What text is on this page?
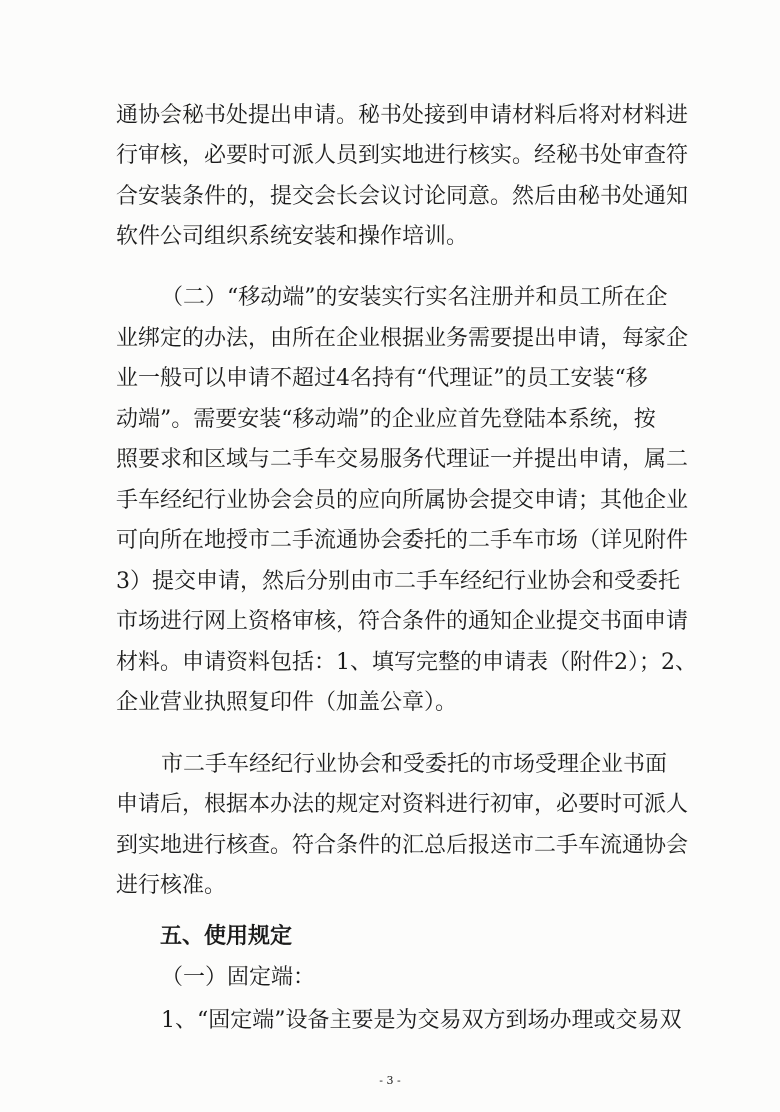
通协会秘书处提出申请。秘书处接到申请材料后将对材料进
行审核，必要时可派人员到实地进行核实。经秘书处审查符
合安装条件的，提交会长会议讨论同意。然后由秘书处通知
软件公司组织系统安装和操作培训。
（二）“移动端”的安装实行实名注册并和员工所在企
业绑定的办法，由所在企业根据业务需要提出申请，每家企
业一般可以申请不超过4名持有“代理证”的员工安装“移
动端”。需要安装“移动端”的企业应首先登陆本系统，按
照要求和区域与二手车交易服务代理证一并提出申请，属二
手车经纪行业协会会员的应向所属协会提交申请；其他企业
可向所在地授市二手流通协会委托的二手车市场（详见附件
3）提交申请，然后分别由市二手车经纪行业协会和受委托
市场进行网上资格审核，符合条件的通知企业提交书面申请
材料。申请资料包括：1、填写完整的申请表（附件2）；2、
企业营业执照复印件（加盖公章）。
市二手车经纪行业协会和受委托的市场受理企业书面
申请后，根据本办法的规定对资料进行初审，必要时可派人
到实地进行核查。符合条件的汇总后报送市二手车流通协会
进行核准。
五、使用规定
（一）固定端：
1、“固定端”设备主要是为交易双方到场办理或交易双
- 3 -
